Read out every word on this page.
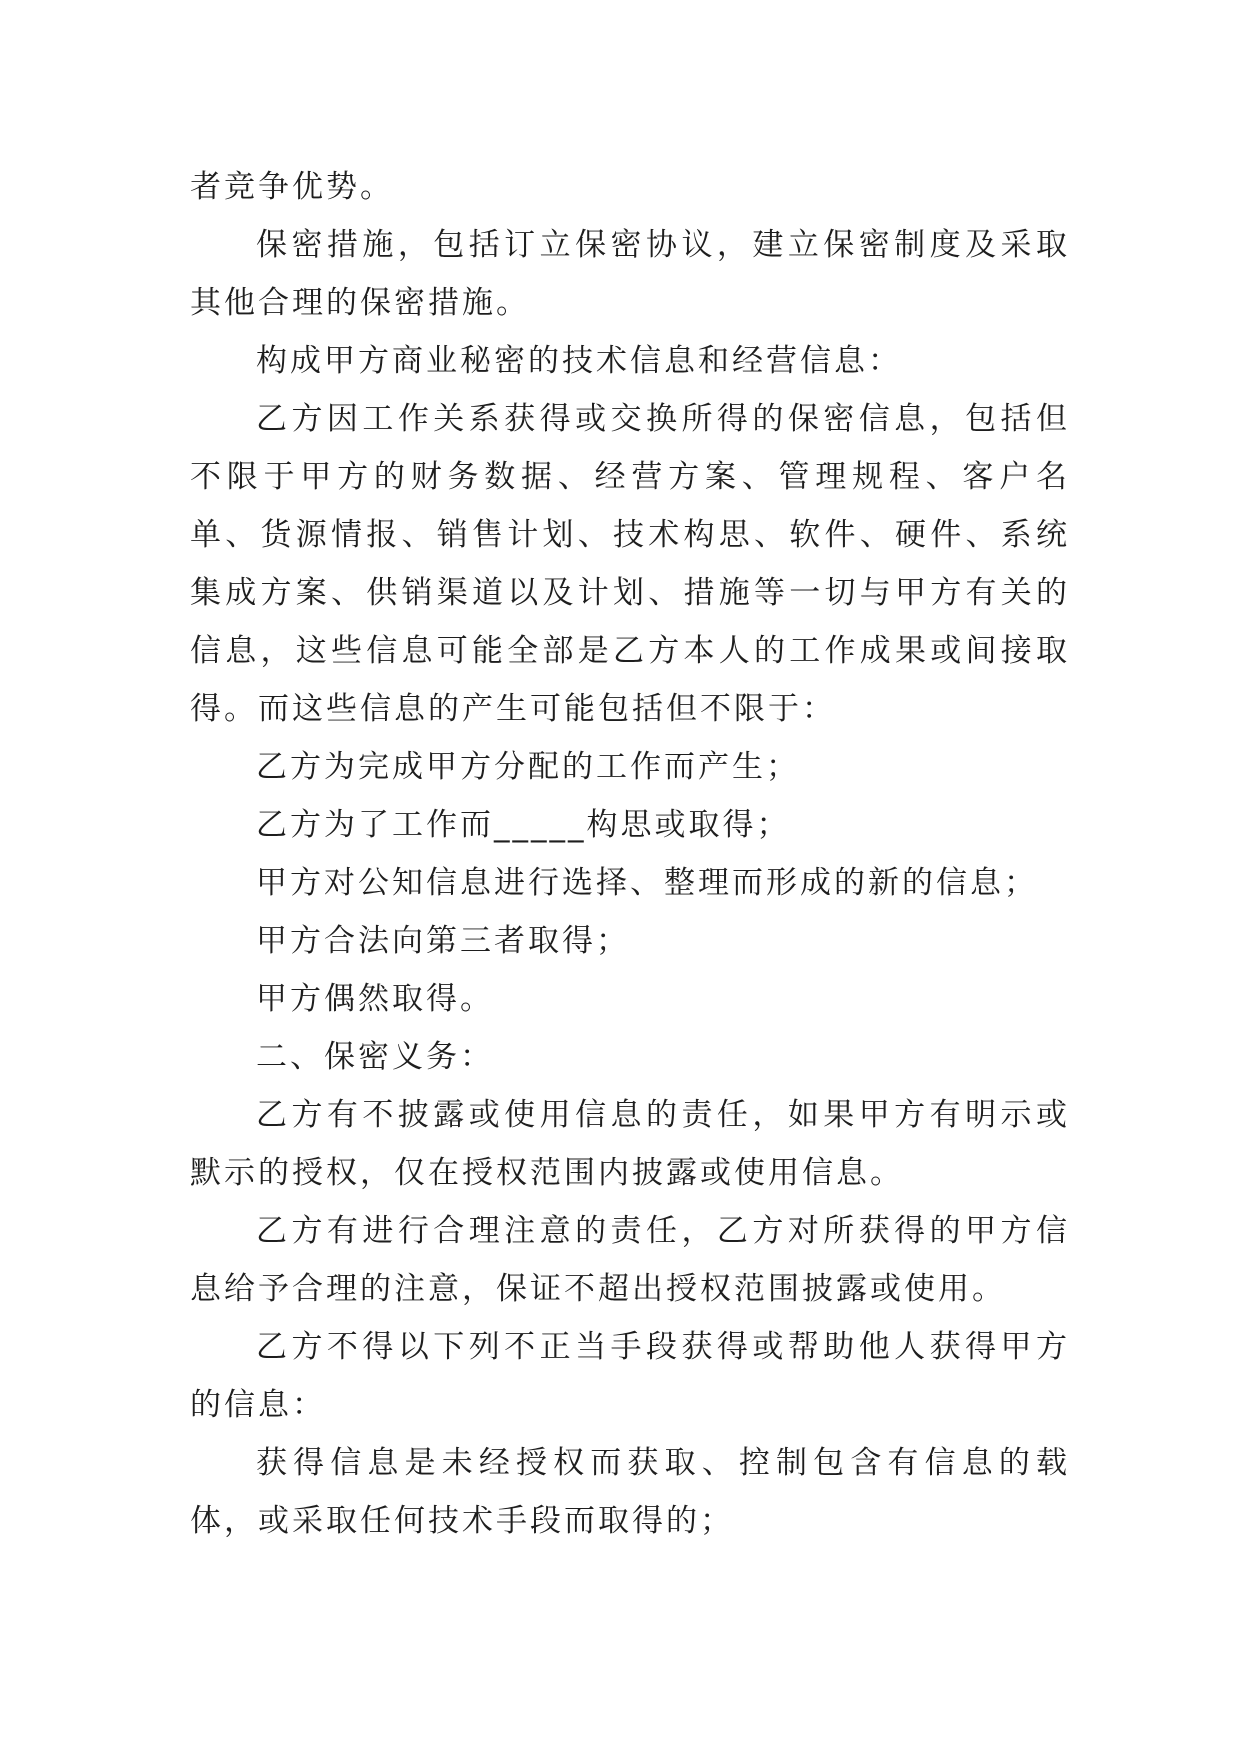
者竞争优势。

保密措施，包括订立保密协议，建立保密制度及采取其他合理的保密措施。

构成甲方商业秘密的技术信息和经营信息：

乙方因工作关系获得或交换所得的保密信息，包括但不限于甲方的财务数据、经营方案、管理规程、客户名单、货源情报、销售计划、技术构思、软件、硬件、系统集成方案、供销渠道以及计划、措施等一切与甲方有关的信息，这些信息可能全部是乙方本人的工作成果或间接取得。而这些信息的产生可能包括但不限于：

乙方为完成甲方分配的工作而产生；

乙方为了工作而_____构思或取得；

甲方对公知信息进行选择、整理而形成的新的信息；

甲方合法向第三者取得；

甲方偶然取得。

二、保密义务：

乙方有不披露或使用信息的责任，如果甲方有明示或默示的授权，仅在授权范围内披露或使用信息。

乙方有进行合理注意的责任，乙方对所获得的甲方信息给予合理的注意，保证不超出授权范围披露或使用。

乙方不得以下列不正当手段获得或帮助他人获得甲方的信息：

获得信息是未经授权而获取、控制包含有信息的载体，或采取任何技术手段而取得的；
